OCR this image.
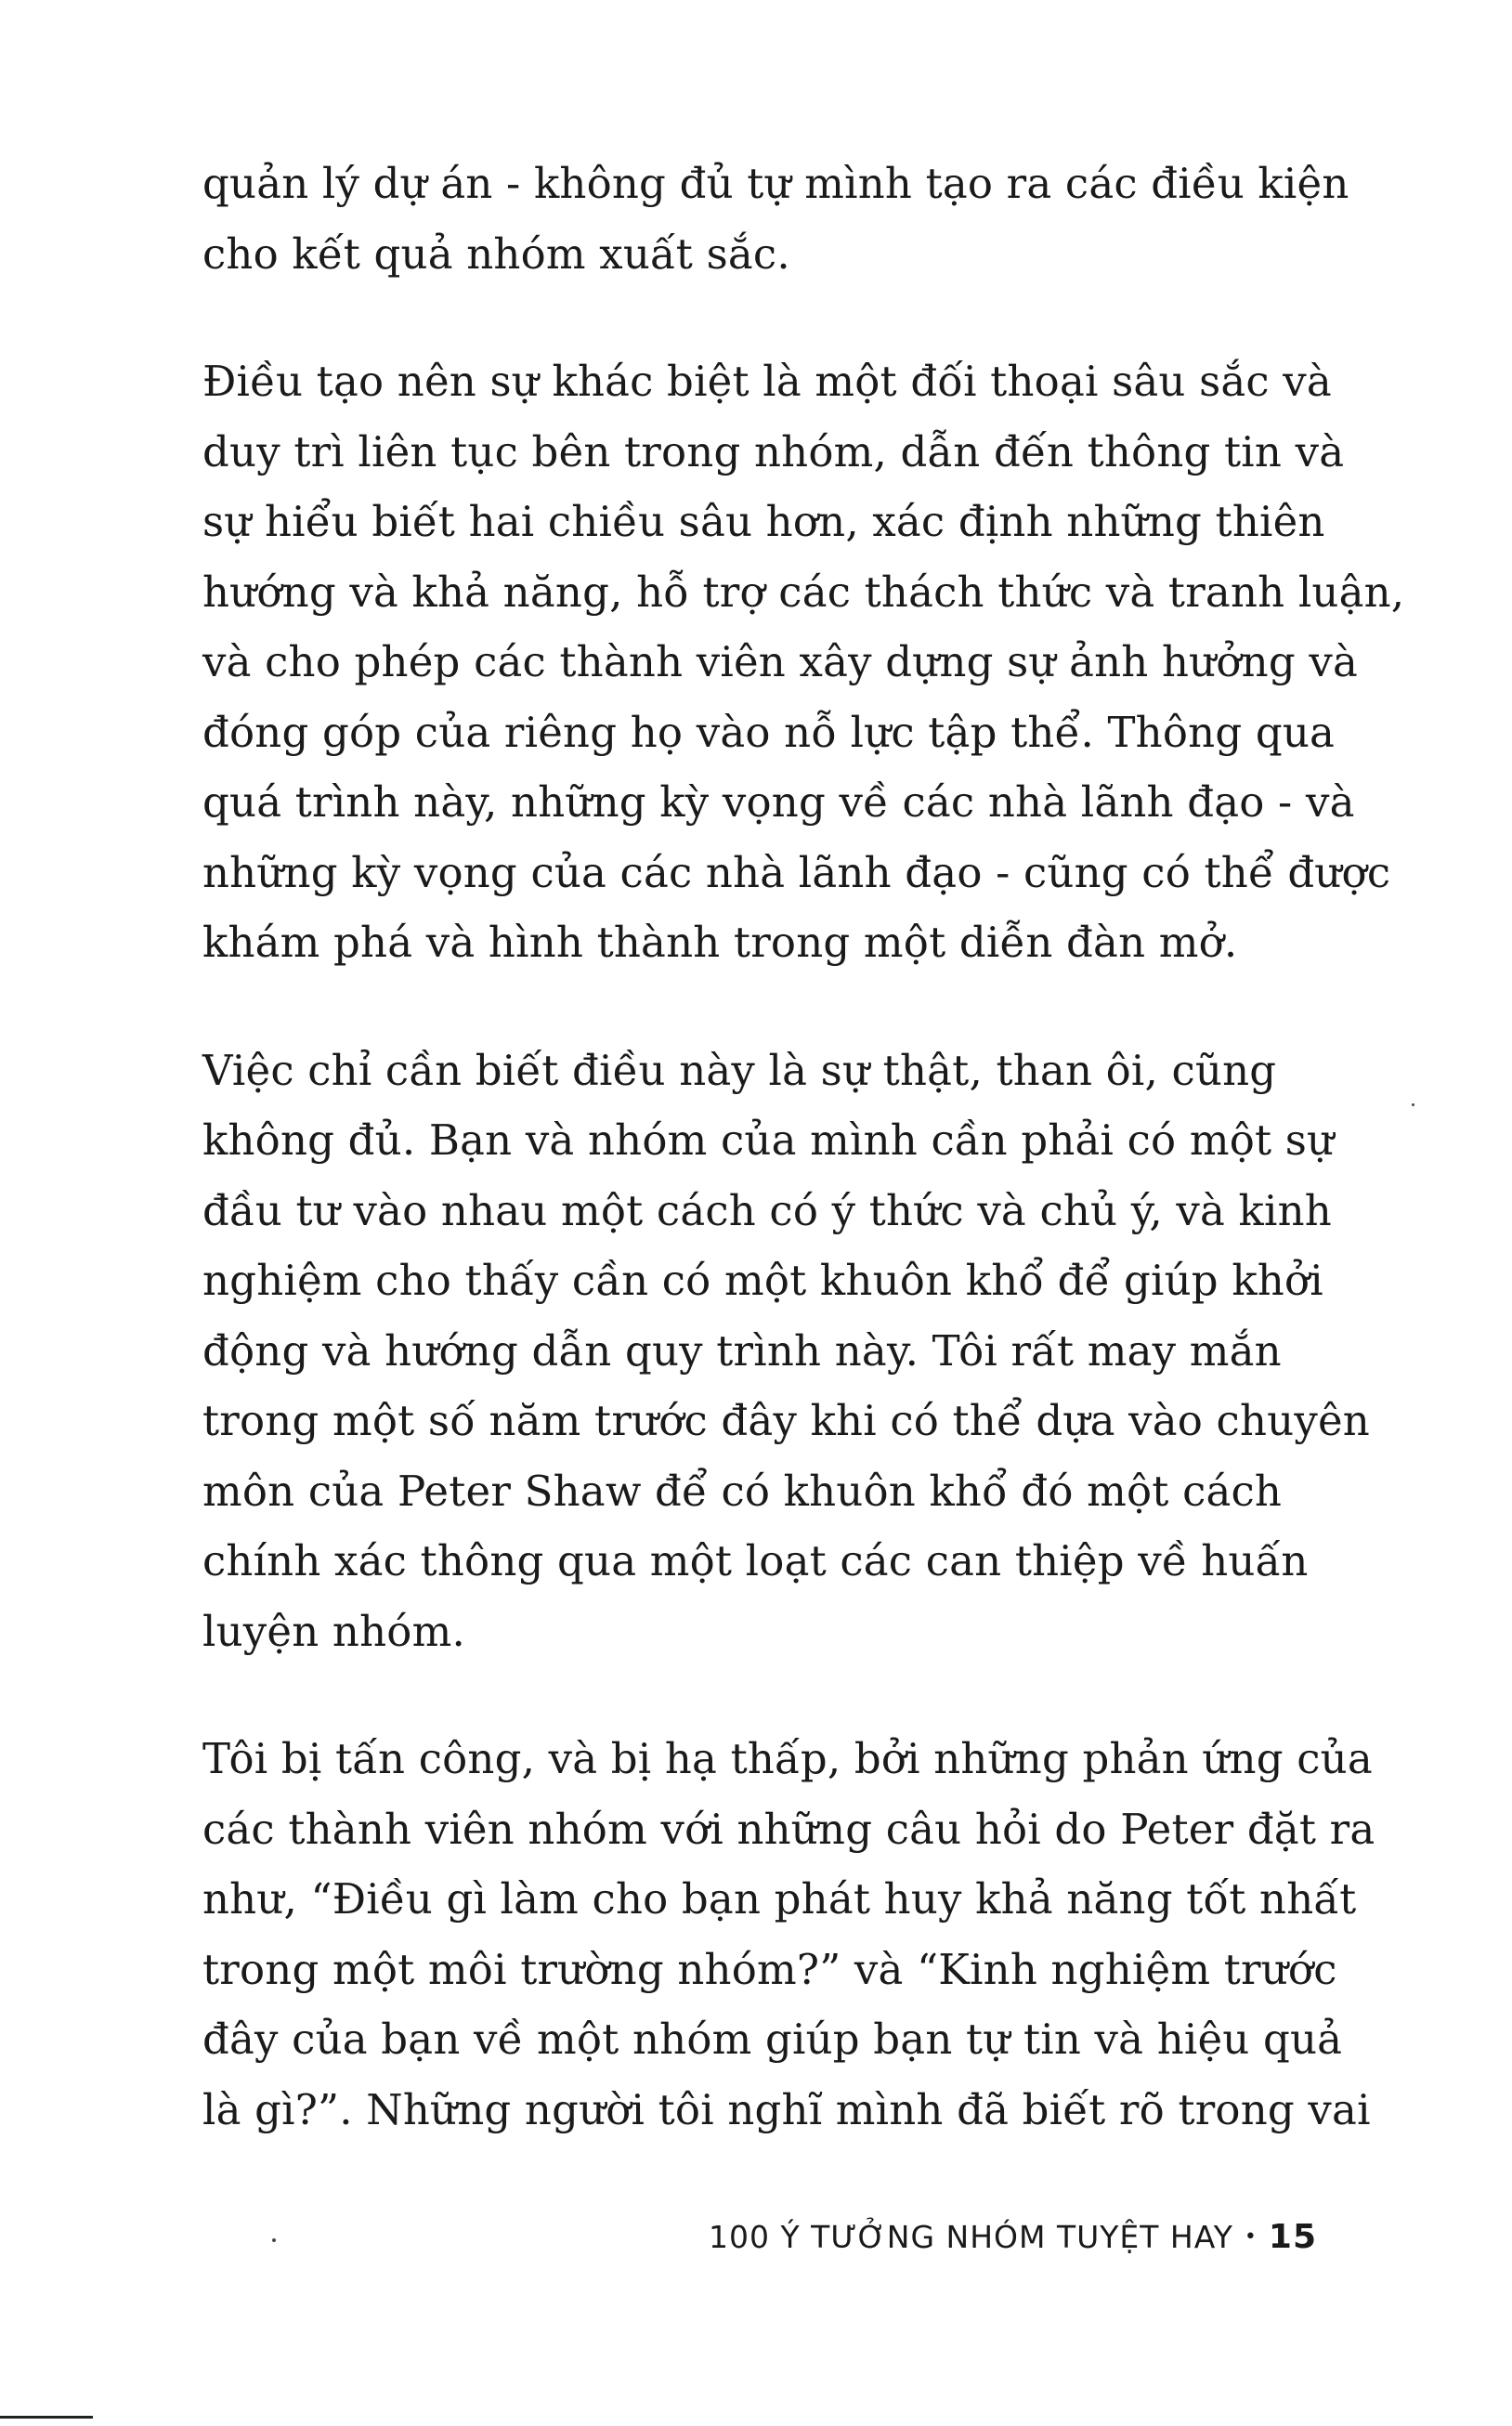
quản lý dự án - không đủ tự mình tạo ra các điều kiện
cho kết quả nhóm xuất sắc.
Điều tạo nên sự khác biệt là một đối thoại sâu sắc và
duy trì liên tục bên trong nhóm, dẫn đến thông tin và
sự hiểu biết hai chiều sâu hơn, xác định những thiên
hướng và khả năng, hỗ trợ các thách thức và tranh luận,
và cho phép các thành viên xây dựng sự ảnh hưởng và
đóng góp của riêng họ vào nỗ lực tập thể. Thông qua
quá trình này, những kỳ vọng về các nhà lãnh đạo - và
những kỳ vọng của các nhà lãnh đạo - cũng có thể được
khám phá và hình thành trong một diễn đàn mở.
Việc chỉ cần biết điều này là sự thật, than ôi, cũng
không đủ. Bạn và nhóm của mình cần phải có một sự
đầu tư vào nhau một cách có ý thức và chủ ý, và kinh
nghiệm cho thấy cần có một khuôn khổ để giúp khởi
động và hướng dẫn quy trình này. Tôi rất may mắn
trong một số năm trước đây khi có thể dựa vào chuyên
môn của Peter Shaw để có khuôn khổ đó một cách
chính xác thông qua một loạt các can thiệp về huấn
luyện nhóm.
Tôi bị tấn công, và bị hạ thấp, bởi những phản ứng của
các thành viên nhóm với những câu hỏi do Peter đặt ra
như, “Điều gì làm cho bạn phát huy khả năng tốt nhất
trong một môi trường nhóm?” và “Kinh nghiệm trước
đây của bạn về một nhóm giúp bạn tự tin và hiệu quả
là gì?”. Những người tôi nghĩ mình đã biết rõ trong vai
100 Ý TƯỞNG NHÓM TUYỆT HAY • 15
